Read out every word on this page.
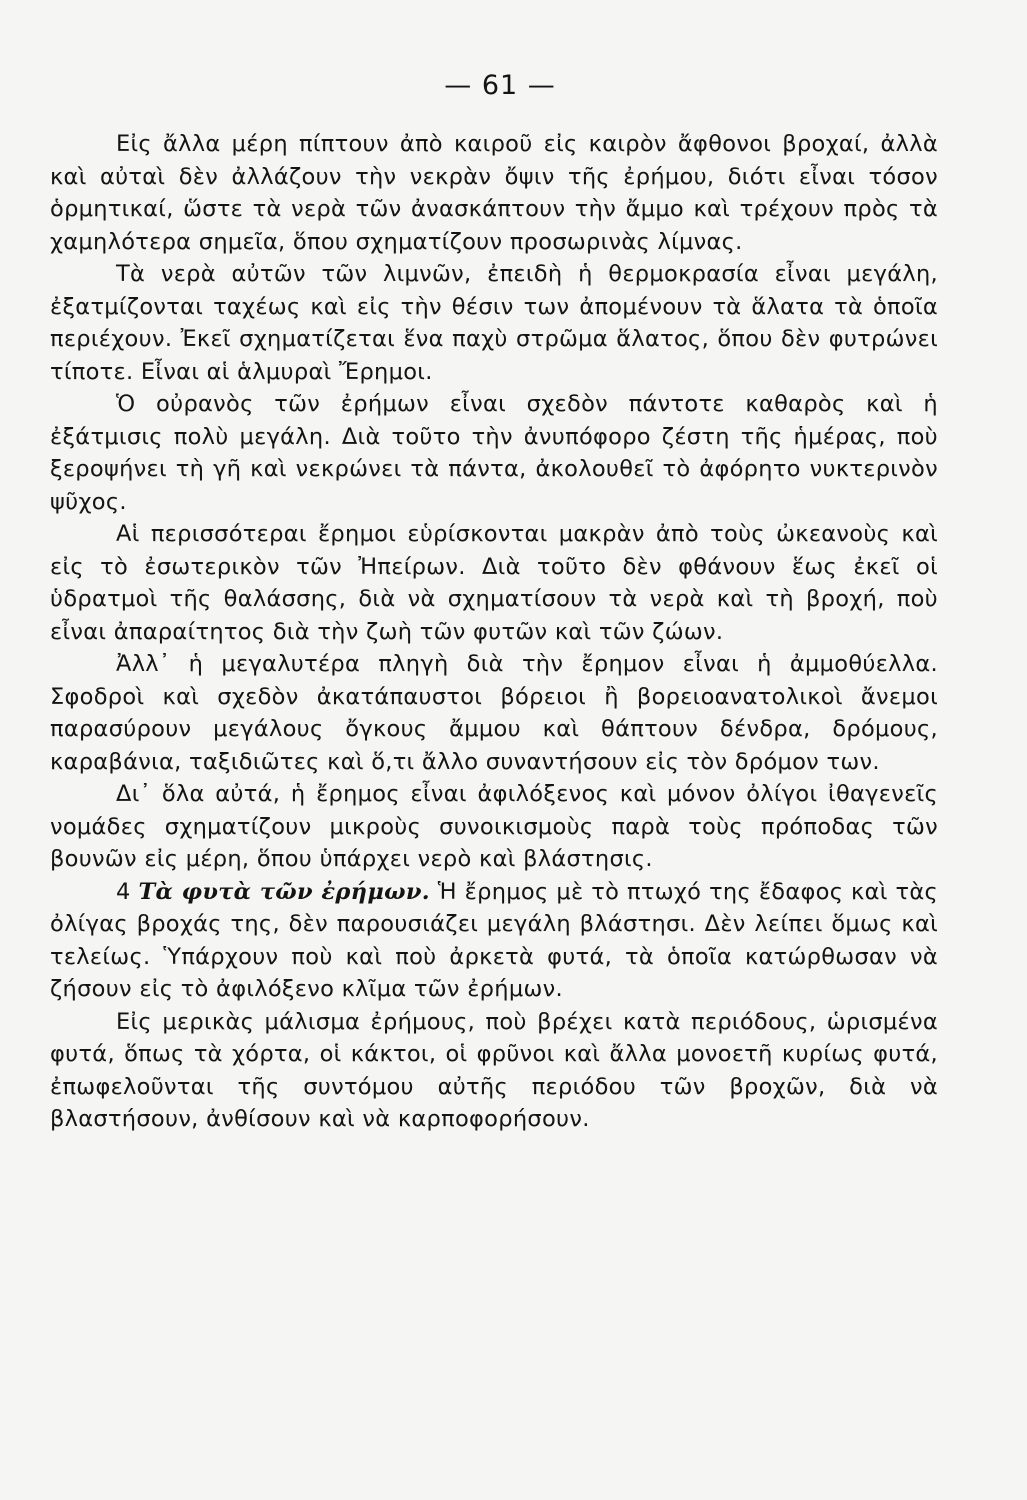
— 61 —

Εἰς ἄλλα μέρη πίπτουν ἀπὸ καιροῦ εἰς καιρὸν ἄφθονοι βροχαί, ἀλλὰ καὶ αὐταὶ δὲν ἀλλάζουν τὴν νεκρὰν ὄψιν τῆς ἐρήμου, διότι εἶναι τόσον ὁρμητικαί, ὥστε τὰ νερὰ τῶν ἀνασκάπτουν τὴν ἄμμο καὶ τρέχουν πρὸς τὰ χαμηλότερα σημεῖα, ὅπου σχηματίζουν προσωρινὰς λίμνας.

Τὰ νερὰ αὐτῶν τῶν λιμνῶν, ἐπειδὴ ἡ θερμοκρασία εἶναι μεγάλη, ἐξατμίζονται ταχέως καὶ εἰς τὴν θέσιν των ἀπομένουν τὰ ἅλατα τὰ ὁποῖα περιέχουν. Ἐκεῖ σχηματίζεται ἕνα παχὺ στρῶμα ἅλατος, ὅπου δὲν φυτρώνει τίποτε. Εἶναι αἱ ἁλμυραὶ Ἔρημοι.

Ὁ οὐρανὸς τῶν ἐρήμων εἶναι σχεδὸν πάντοτε καθαρὸς καὶ ἡ ἐξάτμισις πολὺ μεγάλη. Διὰ τοῦτο τὴν ἀνυπόφορο ζέστη τῆς ἡμέρας, ποὺ ξεροψήνει τὴ γῆ καὶ νεκρώνει τὰ πάντα, ἀκολουθεῖ τὸ ἀφόρητο νυκτερινὸν ψῦχος.

Αἱ περισσότεραι ἔρημοι εὑρίσκονται μακρὰν ἀπὸ τοὺς ὠκεανοὺς καὶ εἰς τὸ ἐσωτερικὸν τῶν Ἠπείρων. Διὰ τοῦτο δὲν φθάνουν ἕως ἐκεῖ οἱ ὑδρατμοὶ τῆς θαλάσσης, διὰ νὰ σχηματίσουν τὰ νερὰ καὶ τὴ βροχή, ποὺ εἶναι ἀπαραίτητος διὰ τὴν ζωὴ τῶν φυτῶν καὶ τῶν ζώων.

Ἀλλ᾽ ἡ μεγαλυτέρα πληγὴ διὰ τὴν ἔρημον εἶναι ἡ ἀμμοθύελλα. Σφοδροὶ καὶ σχεδὸν ἀκατάπαυστοι βόρειοι ἢ βορειοανατολικοὶ ἄνεμοι παρασύρουν μεγάλους ὄγκους ἄμμου καὶ θάπτουν δένδρα, δρόμους, καραβάνια, ταξιδιῶτες καὶ ὅ,τι ἄλλο συναντήσουν εἰς τὸν δρόμον των.

Δι᾽ ὅλα αὐτά, ἡ ἔρημος εἶναι ἀφιλόξενος καὶ μόνον ὀλίγοι ἰθαγενεῖς νομάδες σχηματίζουν μικροὺς συνοικισμοὺς παρὰ τοὺς πρόποδας τῶν βουνῶν εἰς μέρη, ὅπου ὑπάρχει νερὸ καὶ βλάστησις.

4 Τὰ φυτὰ τῶν ἐρήμων. Ἡ ἔρημος μὲ τὸ πτωχό της ἔδαφος καὶ τὰς ὀλίγας βροχάς της, δὲν παρουσιάζει μεγάλη βλάστησι. Δὲν λείπει ὅμως καὶ τελείως. Ὑπάρχουν ποὺ καὶ ποὺ ἀρκετὰ φυτά, τὰ ὁποῖα κατώρθωσαν νὰ ζήσουν εἰς τὸ ἀφιλόξενο κλῖμα τῶν ἐρήμων.

Εἰς μερικὰς μάλισμα ἐρήμους, ποὺ βρέχει κατὰ περιόδους, ὡρισμένα φυτά, ὅπως τὰ χόρτα, οἱ κάκτοι, οἱ φρῦνοι καὶ ἄλλα μονοετῆ κυρίως φυτά, ἐπωφελοῦνται τῆς συντόμου αὐτῆς περιόδου τῶν βροχῶν, διὰ νὰ βλαστήσουν, ἀνθίσουν καὶ νὰ καρποφορήσουν.
